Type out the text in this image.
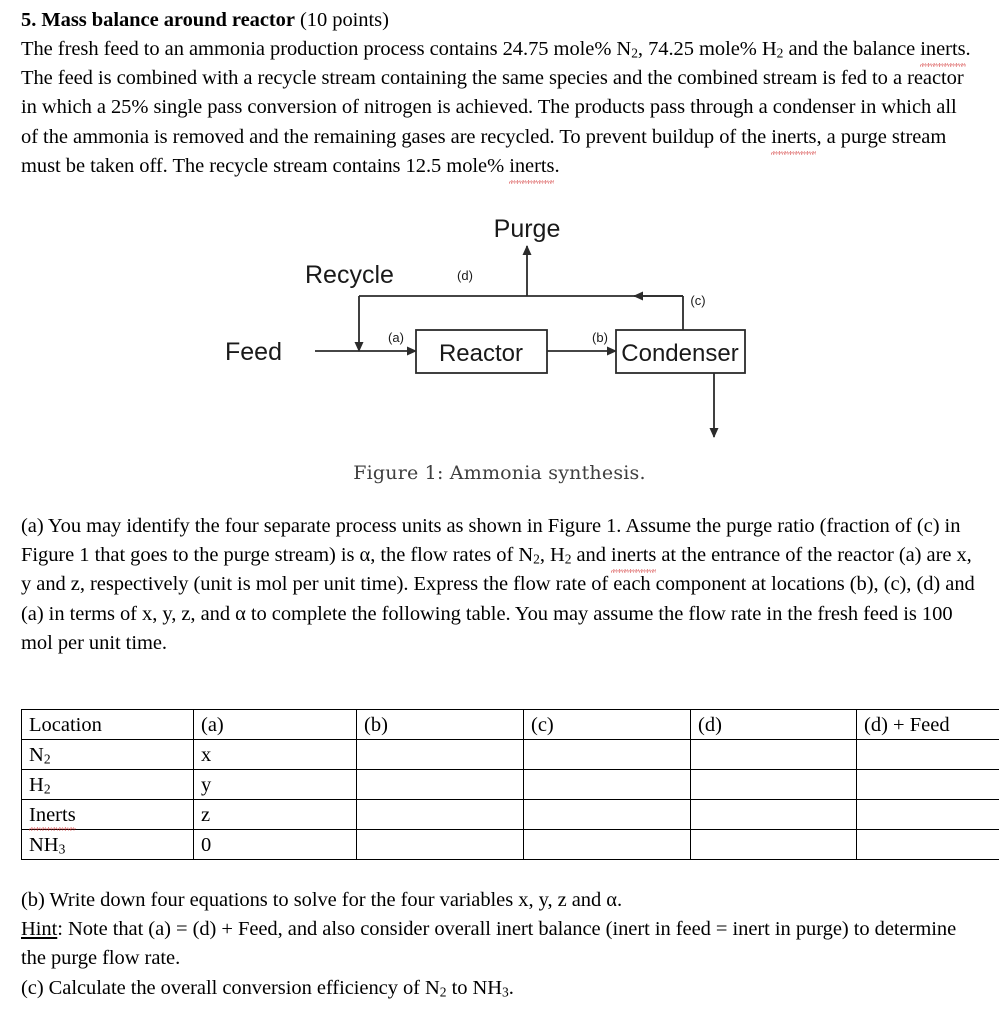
5. Mass balance around reactor (10 points)
The fresh feed to an ammonia production process contains 24.75 mole% $N_2$, 74.25 mole% $H_2$ and the balance inerts. The feed is combined with a recycle stream containing the same species and the combined stream is fed to a reactor in which a 25% single pass conversion of nitrogen is achieved. The products pass through a condenser in which all of the ammonia is removed and the remaining gases are recycled. To prevent buildup of the inerts, a purge stream must be taken off. The recycle stream contains 12.5 mole% inerts.
Purge
Recycle
Feed	Reactor	Condenser
(a)	(b)
(c)
(d)
Figure 1: Ammonia synthesis.
(a) You may identify the four separate process units as shown in Figure 1. Assume the purge ratio (fraction of (c) in Figure 1 that goes to the purge stream) is α, the flow rates of $N_2$, $H_2$ and inerts at the entrance of the reactor (a) are x, y and z, respectively (unit is mol per unit time). Express the flow rate of each component at locations (b), (c), (d) and (a) in terms of x, y, z, and α to complete the following table. You may assume the flow rate in the fresh feed is 100 mol per unit time.
Location	(a)	(b)	(c)	(d)	(d) + Feed
$N_2$	x				
$H_2$	y				
Inerts	z				
$NH_3$	0				
(b) Write down four equations to solve for the four variables x, y, z and α.
Hint: Note that (a) = (d) + Feed, and also consider overall inert balance (inert in feed = inert in purge) to determine the purge flow rate.
(c) Calculate the overall conversion efficiency of $N_2$ to $NH_3$.
